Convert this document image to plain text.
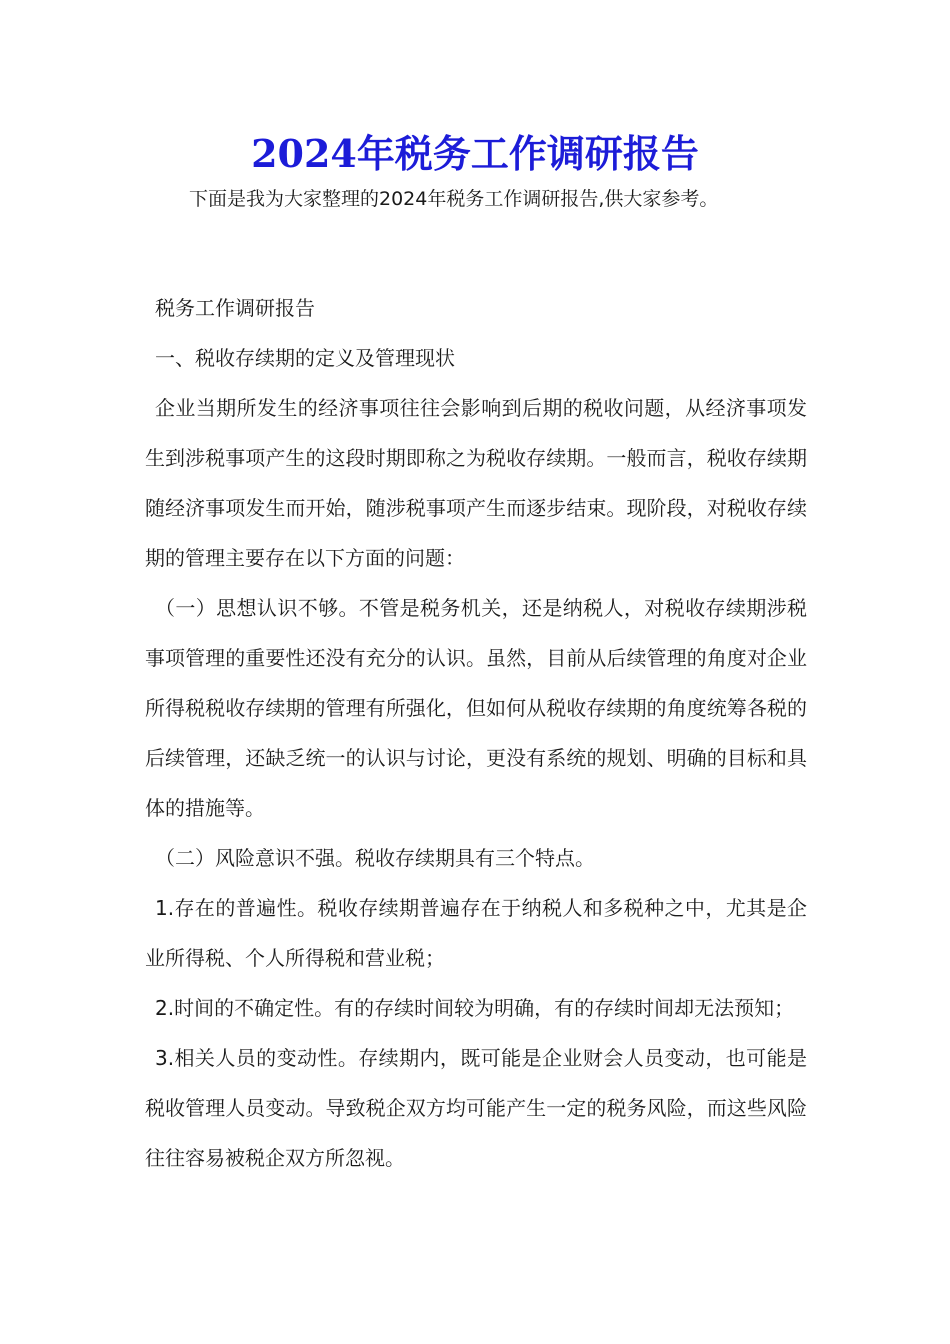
2024年税务工作调研报告

下面是我为大家整理的2024年税务工作调研报告,供大家参考。

税务工作调研报告

一、税收存续期的定义及管理现状

企业当期所发生的经济事项往往会影响到后期的税收问题，从经济事项发生到涉税事项产生的这段时期即称之为税收存续期。一般而言，税收存续期随经济事项发生而开始，随涉税事项产生而逐步结束。现阶段，对税收存续期的管理主要存在以下方面的问题：

（一）思想认识不够。不管是税务机关，还是纳税人，对税收存续期涉税事项管理的重要性还没有充分的认识。虽然，目前从后续管理的角度对企业所得税税收存续期的管理有所强化，但如何从税收存续期的角度统筹各税的后续管理，还缺乏统一的认识与讨论，更没有系统的规划、明确的目标和具体的措施等。

（二）风险意识不强。税收存续期具有三个特点。

1.存在的普遍性。税收存续期普遍存在于纳税人和多税种之中，尤其是企业所得税、个人所得税和营业税；

2.时间的不确定性。有的存续时间较为明确，有的存续时间却无法预知；

3.相关人员的变动性。存续期内，既可能是企业财会人员变动，也可能是税收管理人员变动。导致税企双方均可能产生一定的税务风险，而这些风险往往容易被税企双方所忽视。
